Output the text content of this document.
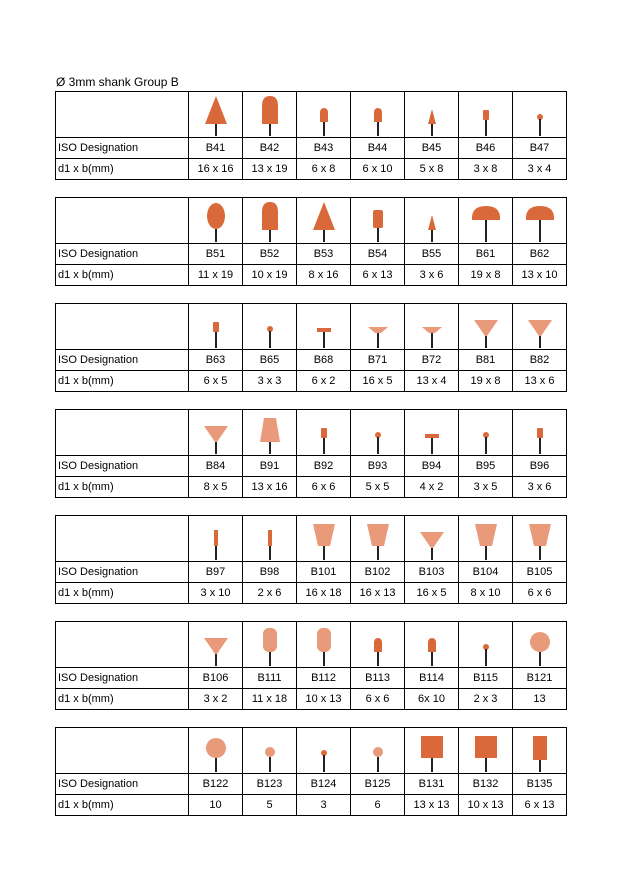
Ø 3mm shank Group B

ISO Designation	B41	B42	B43	B44	B45	B46	B47
d1 x b(mm)	16 x 16	13 x 19	6 x 8	6 x 10	5 x 8	3 x 8	3 x 4

ISO Designation	B51	B52	B53	B54	B55	B61	B62
d1 x b(mm)	11 x 19	10 x 19	8 x 16	6 x 13	3 x 6	19 x 8	13 x 10

ISO Designation	B63	B65	B68	B71	B72	B81	B82
d1 x b(mm)	6 x 5	3 x 3	6 x 2	16 x 5	13 x 4	19 x 8	13 x 6

ISO Designation	B84	B91	B92	B93	B94	B95	B96
d1 x b(mm)	8 x 5	13 x 16	6 x 6	5 x 5	4 x 2	3 x 5	3 x 6

ISO Designation	B97	B98	B101	B102	B103	B104	B105
d1 x b(mm)	3 x 10	2 x 6	16 x 18	16 x 13	16 x 5	8 x 10	6 x 6

ISO Designation	B106	B111	B112	B113	B114	B115	B121
d1 x b(mm)	3 x 2	11 x 18	10 x 13	6 x 6	6x 10	2 x 3	13

ISO Designation	B122	B123	B124	B125	B131	B132	B135
d1 x b(mm)	10	5	3	6	13 x 13	10 x 13	6 x 13
